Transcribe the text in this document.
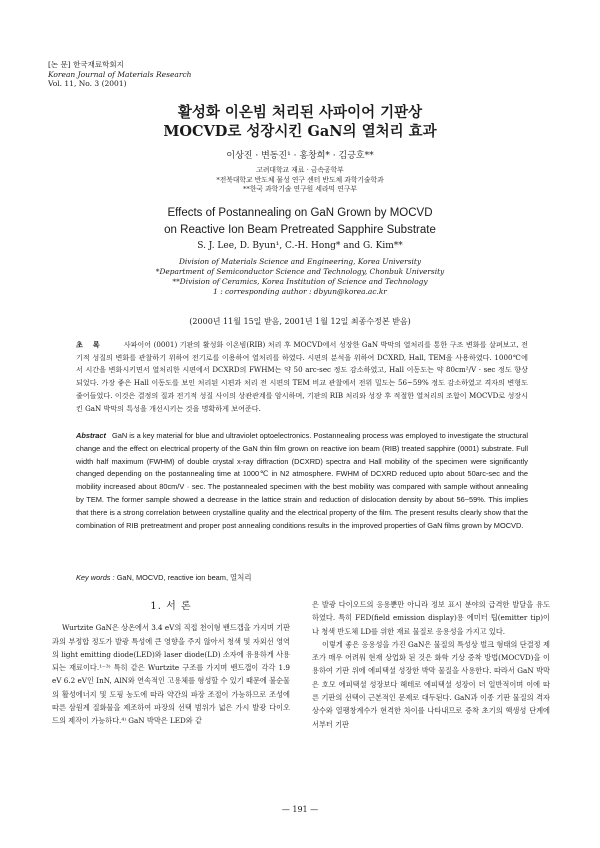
[논 문] 한국재료학회지
Korean Journal of Materials Research
Vol. 11, No. 3 (2001)
활성화 이온빔 처리된 사파이어 기판상
MOCVD로 성장시킨 GaN의 열처리 효과
이상진 · 변동진¹ · 홍창희* · 김긍호**
고려대학교 재료 · 금속공학부
*전북대학교 반도체 물성 연구 센터 반도체 과학기술학과
**한국 과학기술 연구원 세라믹 연구부
Effects of Postannealing on GaN Grown by MOCVD
on Reactive Ion Beam Pretreated Sapphire Substrate
S. J. Lee, D. Byun¹, C.-H. Hong* and G. Kim**
Division of Materials Science and Engineering, Korea University
*Department of Semiconductor Science and Technology, Chonbuk University
**Division of Ceramics, Korea Institution of Science and Technology
1 : corresponding author : dbyun@korea.ac.kr
(2000년 11월 15일 받음, 2001년 1월 12일 최종수정본 받음)
초록 사파이어 (0001) 기판의 활성화 이온빔(RIB) 처리 후 MOCVD에서 성장한 GaN 박막의 열처리를 통한 구조 변화를 살펴보고, 전기적 성질의 변화를 관찰하기 위하여 전기로를 이용하여 열처리를 하였다. 시편의 분석을 위하여 DCXRD, Hall, TEM을 사용하였다. 1000℃에서 시간을 변화시키면서 열처리한 시편에서 DCXRD의 FWHM는 약 50 arc-sec 정도 감소하였고, Hall 이동도는 약 80cm²/V · sec 정도 향상되었다. 가장 좋은 Hall 이동도를 보인 처리된 시편과 처리 전 시편의 TEM 비교 관찰에서 전위 밀도는 56~59% 정도 감소하였고 격자의 변형도 줄어들었다. 이것은 결정의 질과 전기적 성질 사이의 상관관계를 암시하며, 기판의 RIB 처리와 성장 후 적절한 열처리의 조합이 MOCVD로 성장시킨 GaN 박막의 특성을 개선시키는 것을 명확하게 보여준다.
Abstract GaN is a key material for blue and ultraviolet optoelectronics. Postannealing process was employed to investigate the structural change and the effect on electrical property of the GaN thin film grown on reactive ion beam (RIB) treated sapphire (0001) substrate. Full width half maximum (FWHM) of double crystal x-ray diffraction (DCXRD) spectra and Hall mobility of the specimen were significantly changed depending on the postannealing time at 1000℃ in N2 atmosphere. FWHM of DCXRD reduced upto about 50arc-sec and the mobility increased about 80cm/V · sec. The postannealed specimen with the best mobility was compared with sample without annealing by TEM. The former sample showed a decrease in the lattice strain and reduction of dislocation density by about 56~59%. This implies that there is a strong correlation between crystalline quality and the electrical property of the film. The present results clearly show that the combination of RIB pretreatment and proper post annealing conditions results in the improved properties of GaN films grown by MOCVD.
Key words : GaN, MOCVD, reactive ion beam, 열처리
1. 서 론

Wurtzite GaN은 상온에서 3.4 eV의 직접 천이형 밴드갭을 가지며 기판과의 부정합 정도가 발광 특성에 큰 영향을 주지 않아서 청색 및 자외선 영역의 light emitting diode(LED)와 laser diode(LD) 소자에 유용하게 사용되는 재료이다.¹⁻³⁾ 특히 같은 Wurtzite 구조를 가지며 밴드갭이 각각 1.9 eV 6.2 eV인 InN, AlN와 연속적인 고용체를 형성할 수 있기 때문에 불순물의 활성에너지 및 도핑 농도에 따라 약간의 파장 조절이 가능하므로 조성에 따른 삼원계 질화물을 제조하여 파장의 선택 범위가 넓은 가시 발광 다이오드의 제작이 가능하다.⁴⁾ GaN 박막은 LED와 같

은 발광 다이오드의 응용뿐만 아니라 정보 표시 분야의 급격한 발달을 유도하였다. 특히 FED(field emission display)용 에미터 팁(emitter tip)이나 청색 반도체 LD를 위한 재료 물질로 응용성을 가지고 있다.

이렇게 좋은 응용성을 가진 GaN은 물질의 특성상 벌크 형태의 단결정 제조가 매우 어려워 현재 상업화 된 것은 화학 기상 증착 방법(MOCVD)을 이용하여 기판 위에 에피택셜 성장한 박막 물질을 사용한다. 따라서 GaN 박막은 호모 에피택셜 성장보다 헤테로 에피택셜 성장이 더 일반적이며 이에 따른 기판의 선택이 근본적인 문제로 대두된다. GaN과 이종 기판 물질의 격자상수와 열팽창계수가 현격한 차이를 나타내므로 증착 초기의 핵생성 단계에서부터 기판

— 191 —
